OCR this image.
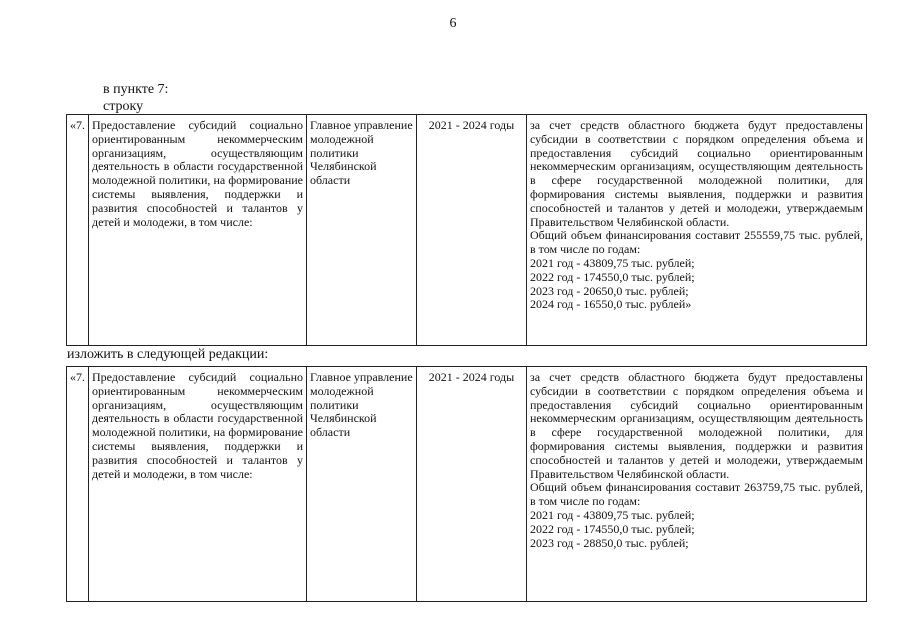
6
в пункте 7:
строку
«7.	Предоставление субсидий социально ориентированным некоммерческим организациям, осуществляющим деятельность в области государственной молодежной политики, на формирование системы выявления, поддержки и развития способностей и талантов у детей и молодежи, в том числе:	Главное управление молодежной политики Челябинской области	2021 - 2024 годы	за счет средств областного бюджета будут предоставлены субсидии в соответствии с порядком определения объема и предоставления субсидий социально ориентированным некоммерческим организациям, осуществляющим деятельность в сфере государственной молодежной политики, для формирования системы выявления, поддержки и развития способностей и талантов у детей и молодежи, утверждаемым Правительством Челябинской области.
Общий объем финансирования составит 255559,75 тыс. рублей, в том числе по годам:
2021 год - 43809,75 тыс. рублей;
2022 год - 174550,0 тыс. рублей;
2023 год - 20650,0 тыс. рублей;
2024 год - 16550,0 тыс. рублей»
изложить в следующей редакции:
«7.	Предоставление субсидий социально ориентированным некоммерческим организациям, осуществляющим деятельность в области государственной молодежной политики, на формирование системы выявления, поддержки и развития способностей и талантов у детей и молодежи, в том числе:	Главное управление молодежной политики Челябинской области	2021 - 2024 годы	за счет средств областного бюджета будут предоставлены субсидии в соответствии с порядком определения объема и предоставления субсидий социально ориентированным некоммерческим организациям, осуществляющим деятельность в сфере государственной молодежной политики, для формирования системы выявления, поддержки и развития способностей и талантов у детей и молодежи, утверждаемым Правительством Челябинской области.
Общий объем финансирования составит 263759,75 тыс. рублей, в том числе по годам:
2021 год - 43809,75 тыс. рублей;
2022 год - 174550,0 тыс. рублей;
2023 год - 28850,0 тыс. рублей;
